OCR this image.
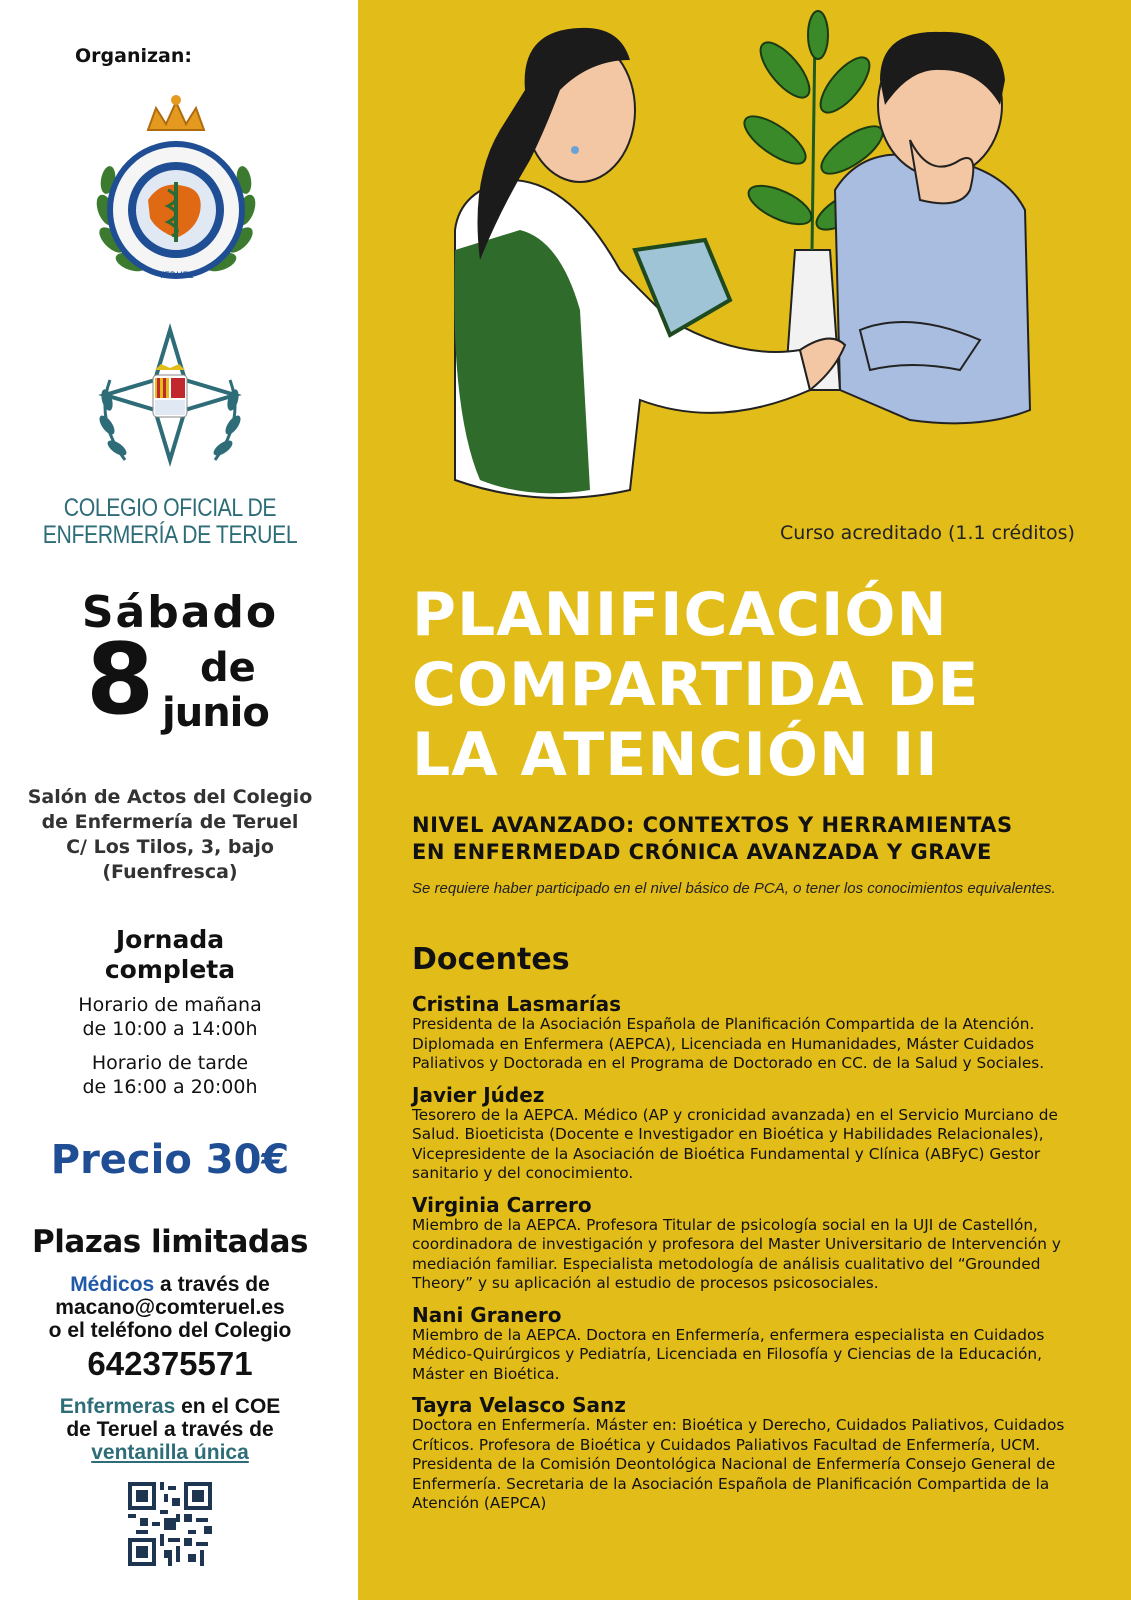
Organizan:
TERUEL
COLEGIO OFICIAL DE
ENFERMERÍA DE TERUEL
Sábado
8 de
junio
Salón de Actos del Colegio
de Enfermería de Teruel
C/ Los Tilos, 3, bajo
(Fuenfresca)
Jornada
completa

Horario de mañana
de 10:00 a 14:00h

Horario de tarde
de 16:00 a 20:00h

Precio 30€
Plazas limitadas
Médicos a través de
macano@comteruel.es
o el teléfono del Colegio
642375571
Enfermeras en el COE
de Teruel a través de
ventanilla única
Curso acreditado (1.1 créditos)
PLANIFICACIÓN
COMPARTIDA DE
LA ATENCIÓN II
NIVEL AVANZADO: CONTEXTOS Y HERRAMIENTAS
EN ENFERMEDAD CRÓNICA AVANZADA Y GRAVE
Se requiere haber participado en el nivel básico de PCA, o tener los conocimientos equivalentes.
Docentes
Cristina Lasmarías
Presidenta de la Asociación Española de Planificación Compartida de la Atención.
Diplomada en Enfermera (AEPCA), Licenciada en Humanidades, Máster Cuidados
Paliativos y Doctorada en el Programa de Doctorado en CC. de la Salud y Sociales.
Javier Júdez
Tesorero de la AEPCA. Médico (AP y cronicidad avanzada) en el Servicio Murciano de
Salud. Bioeticista (Docente e Investigador en Bioética y Habilidades Relacionales),
Vicepresidente de la Asociación de Bioética Fundamental y Clínica (ABFyC) Gestor
sanitario y del conocimiento.
Virginia Carrero
Miembro de la AEPCA. Profesora Titular de psicología social en la UJI de Castellón,
coordinadora de investigación y profesora del Master Universitario de Intervención y
mediación familiar. Especialista metodología de análisis cualitativo del “Grounded
Theory” y su aplicación al estudio de procesos psicosociales.
Nani Granero
Miembro de la AEPCA. Doctora en Enfermería, enfermera especialista en Cuidados
Médico-Quirúrgicos y Pediatría, Licenciada en Filosofía y Ciencias de la Educación,
Máster en Bioética.
Tayra Velasco Sanz
Doctora en Enfermería. Máster en: Bioética y Derecho, Cuidados Paliativos, Cuidados
Críticos. Profesora de Bioética y Cuidados Paliativos Facultad de Enfermería, UCM.
Presidenta de la Comisión Deontológica Nacional de Enfermería Consejo General de
Enfermería. Secretaria de la Asociación Española de Planificación Compartida de la
Atención (AEPCA)
